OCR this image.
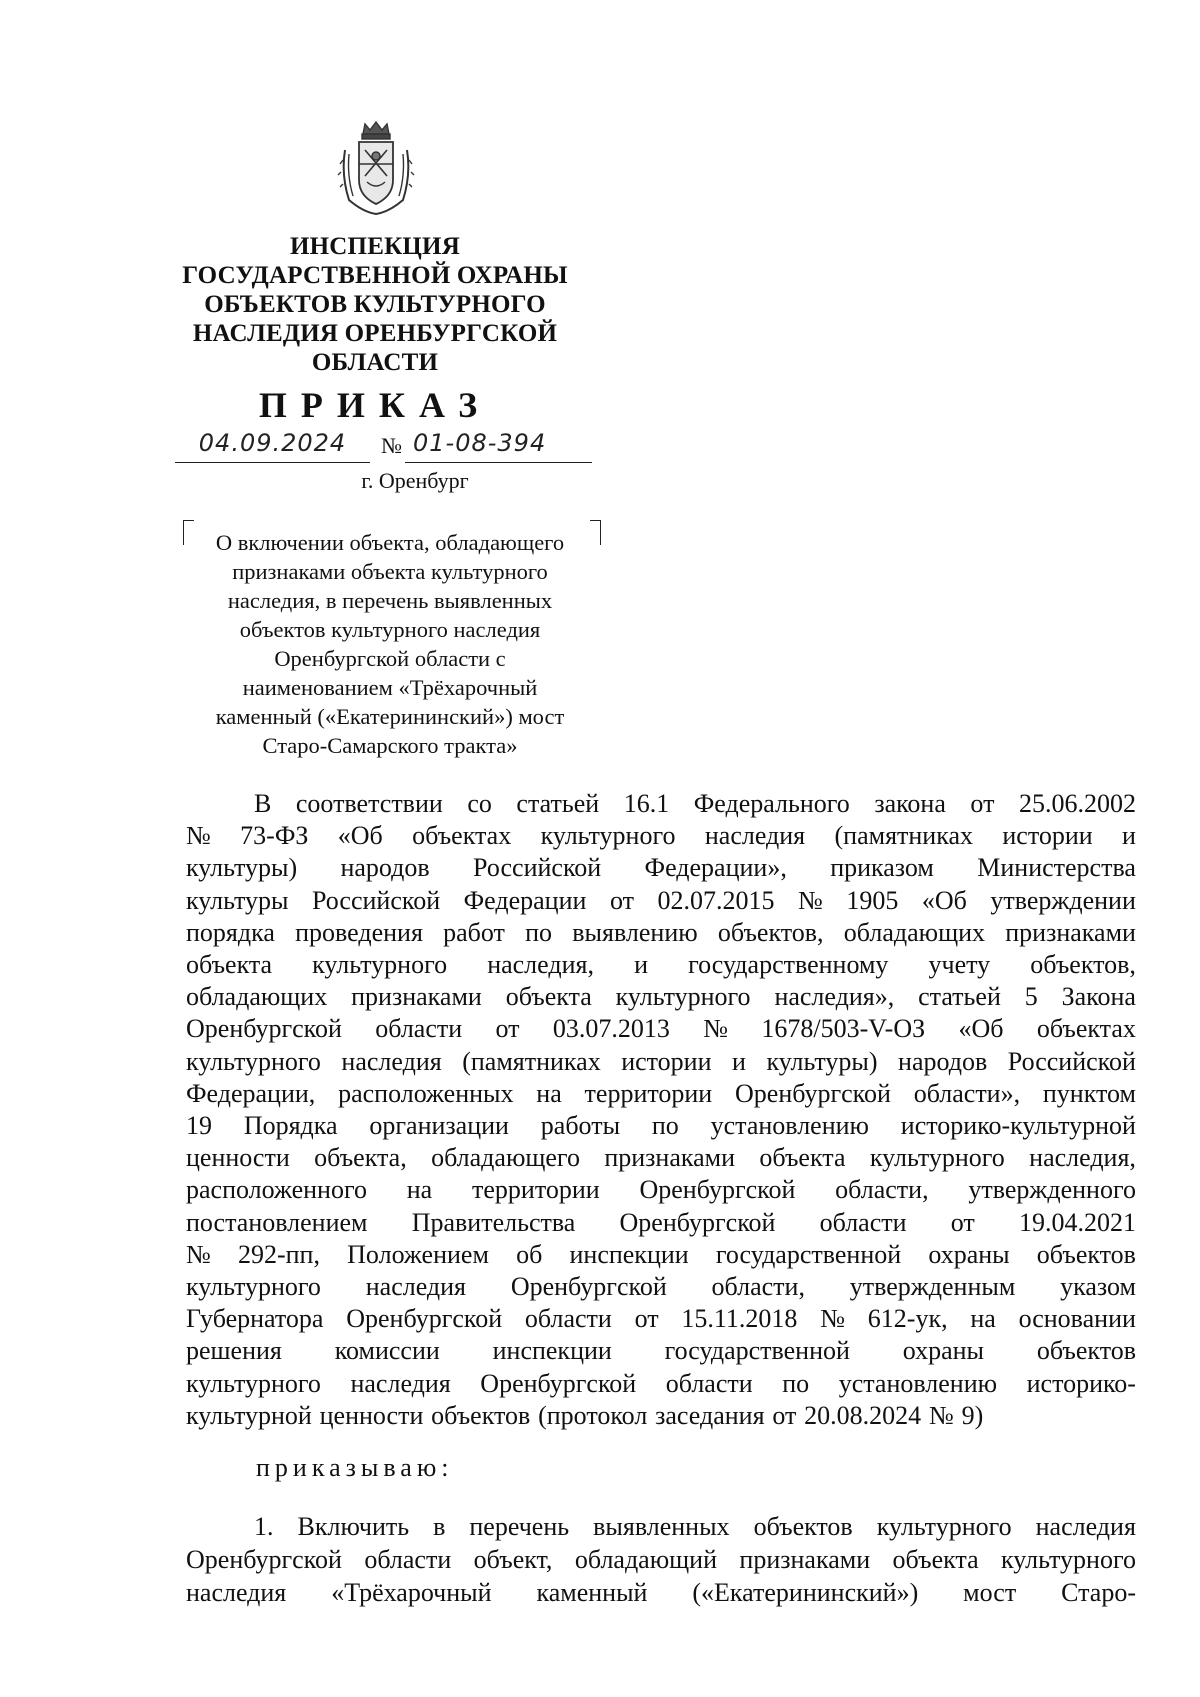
ИНСПЕКЦИЯ
ГОСУДАРСТВЕННОЙ ОХРАНЫ
ОБЪЕКТОВ КУЛЬТУРНОГО
НАСЛЕДИЯ ОРЕНБУРГСКОЙ
ОБЛАСТИ
ПРИКАЗ
04.09.2024	№ 01-08-394
г. Оренбург
О включении объекта, обладающего
признаками объекта культурного
наследия, в перечень выявленных
объектов культурного наследия
Оренбургской области с
наименованием «Трёхарочный
каменный («Екатерининский») мост
Старо-Самарского тракта»
В соответствии со статьей 16.1 Федерального закона от 25.06.2002
№ 73-ФЗ «Об объектах культурного наследия (памятниках истории и
культуры) народов Российской Федерации», приказом Министерства
культуры Российской Федерации от 02.07.2015 № 1905 «Об утверждении
порядка проведения работ по выявлению объектов, обладающих признаками
объекта культурного наследия, и государственному учету объектов,
обладающих признаками объекта культурного наследия», статьей 5 Закона
Оренбургской области от 03.07.2013 № 1678/503-V-ОЗ «Об объектах
культурного наследия (памятниках истории и культуры) народов Российской
Федерации, расположенных на территории Оренбургской области», пунктом
19 Порядка организации работы по установлению историко-культурной
ценности объекта, обладающего признаками объекта культурного наследия,
расположенного на территории Оренбургской области, утвержденного
постановлением Правительства Оренбургской области от 19.04.2021
№ 292-пп, Положением об инспекции государственной охраны объектов
культурного наследия Оренбургской области, утвержденным указом
Губернатора Оренбургской области от 15.11.2018 № 612-ук, на основании
решения комиссии инспекции государственной охраны объектов
культурного наследия Оренбургской области по установлению историко-
культурной ценности объектов (протокол заседания от 20.08.2024 № 9)
приказываю:
1. Включить в перечень выявленных объектов культурного наследия
Оренбургской области объект, обладающий признаками объекта культурного
наследия «Трёхарочный каменный («Екатерининский») мост Старо-
